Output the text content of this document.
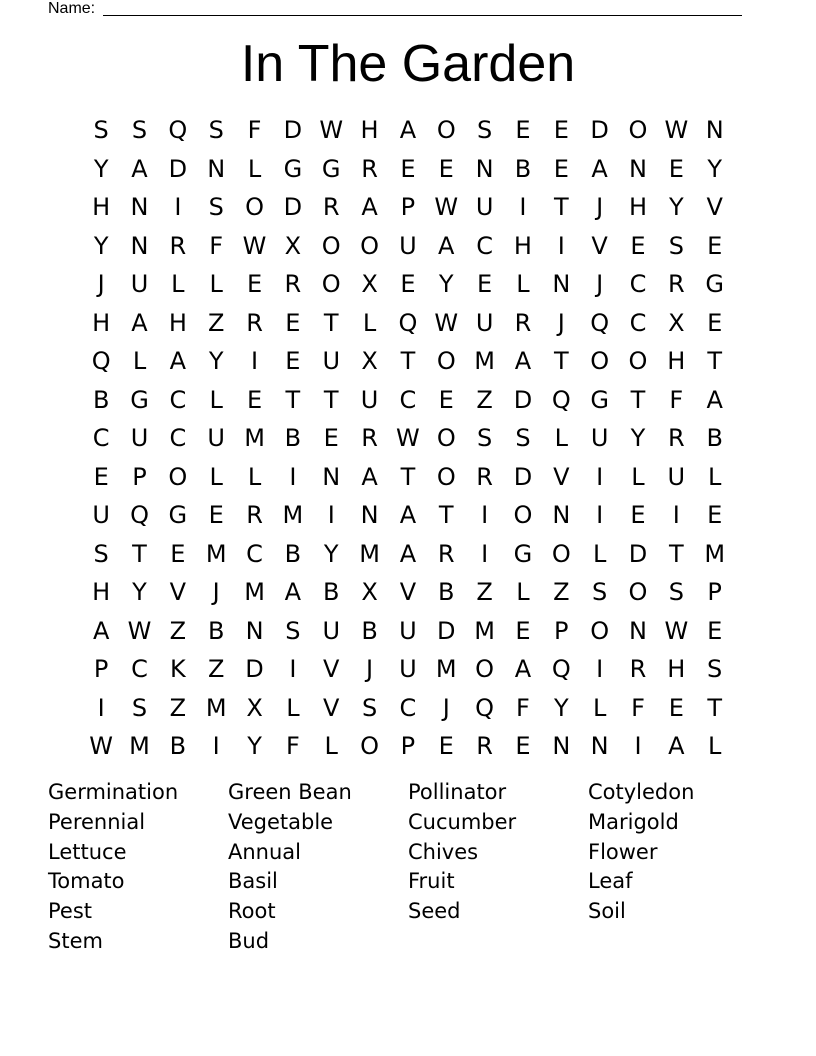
Name:
In The Garden
S S Q S F D W H A O S E E D O W N
Y A D N L G G R E E N B E A N E Y
H N	I	S O D R A P W U	I	T	J	H Y V
Y N R F W X O O U A C H	I	V E S E
J	U L	L	E R O X E Y E	L N	J	C R G
H A H Z R E T	L Q W U R	J	Q C X E
Q L A Y	I	E U X T O M A T O O H T
B G C L	E T T U C E Z D Q G T	F A
C U C U M B E R W O S S	L U Y R B
E P O L	L	I	N A T O R D V	I	L U L
U Q G E R M	I	N A T	I	O N	I	E	I	E
S T E M C B Y M A R	I	G O L D T M
H Y V	J	M A B X V B Z L Z S O S P
A W Z B N S U B U D M E P O N W E
P C K Z D	I	V	J	U M O A Q	I	R H S
I	S Z M X L V S C	J	Q F	Y	L	F E T
W M B	I	Y	F	L O P E R E N N	I	A L
Germination	Green Bean	Pollinator	Cotyledon
Perennial	Vegetable	Cucumber	Marigold
Lettuce	Annual	Chives	Flower
Tomato	Basil	Fruit	Leaf
Pest	Root	Seed	Soil
Stem	Bud
